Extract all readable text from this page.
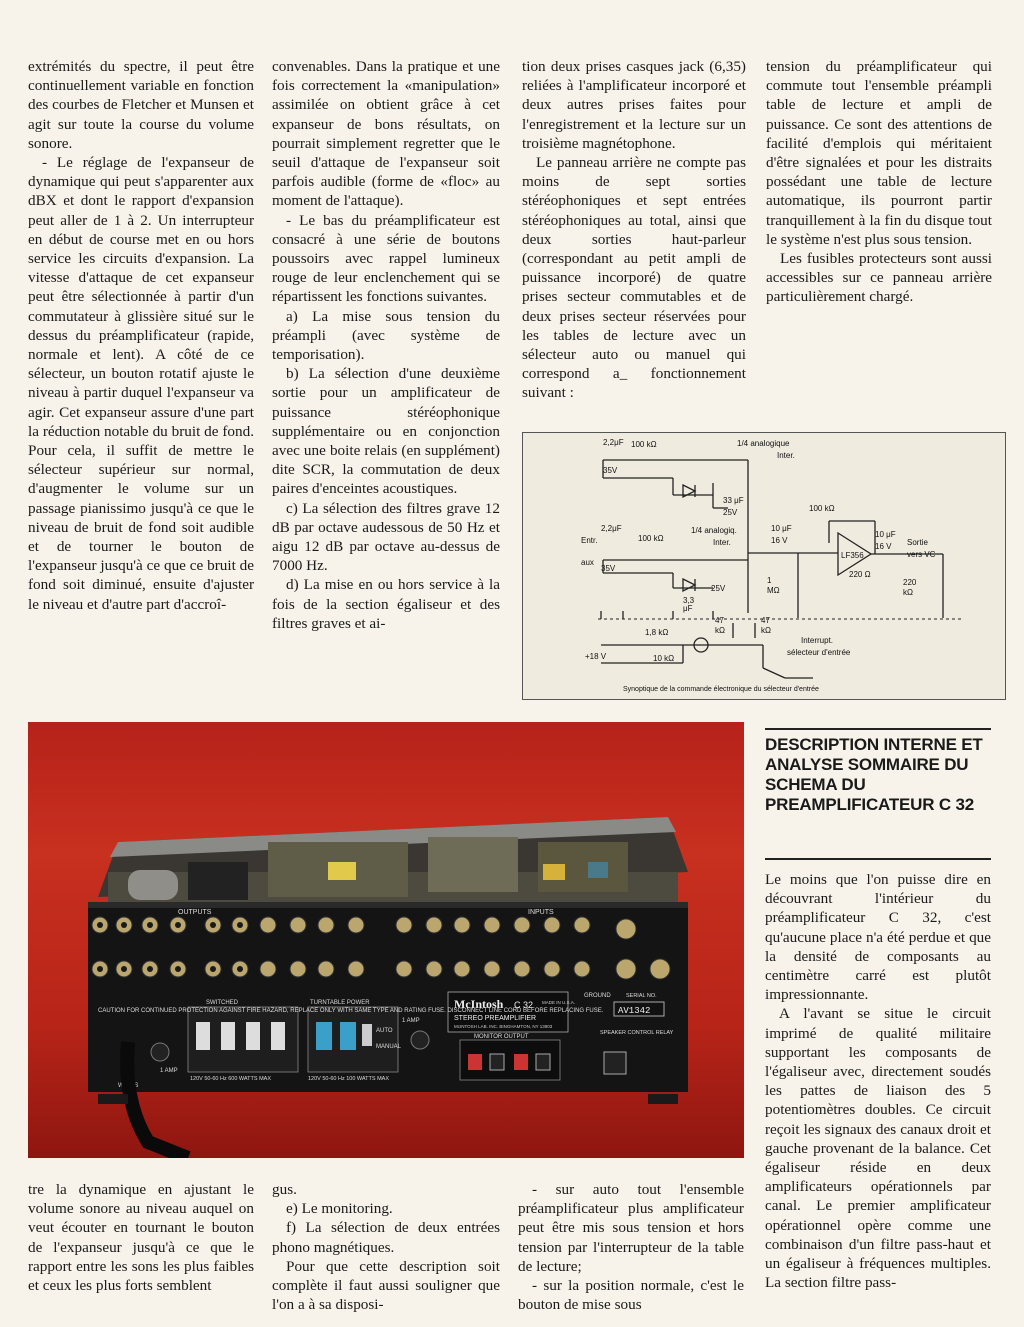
extrémités du spectre, il peut être continuellement variable en fonction des courbes de Fletcher et Munsen et agit sur toute la course du volume sonore.

- Le réglage de l'expanseur de dynamique qui peut s'apparenter aux dBX et dont le rapport d'expansion peut aller de 1 à 2. Un interrupteur en début de course met en ou hors service les circuits d'expansion. La vitesse d'attaque de cet expanseur peut être sélectionnée à partir d'un commutateur à glissière situé sur le dessus du préamplificateur (rapide, normale et lent). A côté de ce sélecteur, un bouton rotatif ajuste le niveau à partir duquel l'expanseur va agir. Cet expanseur assure d'une part la réduction notable du bruit de fond. Pour cela, il suffit de mettre le sélecteur supérieur sur normal, d'augmenter le volume sur un passage pianissimo jusqu'à ce que le niveau de bruit de fond soit audible et de tourner le bouton de l'expanseur jusqu'à ce que ce bruit de fond soit diminué, ensuite d'ajuster le niveau et d'autre part d'accroî-

convenables. Dans la pratique et une fois correctement la «manipulation» assimilée on obtient grâce à cet expanseur de bons résultats, on pourrait simplement regretter que le seuil d'attaque de l'expanseur soit parfois audible (forme de «floc» au moment de l'attaque).

- Le bas du préamplificateur est consacré à une série de boutons poussoirs avec rappel lumineux rouge de leur enclenchement qui se répartissent les fonctions suivantes.

a) La mise sous tension du préampli (avec système de temporisation).

b) La sélection d'une deuxième sortie pour un amplificateur de puissance stéréophonique supplémentaire ou en conjonction avec une boite relais (en supplément) dite SCR, la commutation de deux paires d'enceintes acoustiques.

c) La sélection des filtres grave 12 dB par octave audessous de 50 Hz et aigu 12 dB par octave au-dessus de 7000 Hz.

d) La mise en ou hors service à la fois de la section égaliseur et des filtres graves et ai-

tion deux prises casques jack (6,35) reliées à l'amplificateur incorporé et deux autres prises faites pour l'enregistrement et la lecture sur un troisième magnétophone.

Le panneau arrière ne compte pas moins de sept sorties stéréophoniques et sept entrées stéréophoniques au total, ainsi que deux sorties haut-parleur (correspondant au petit ampli de puissance incorporé) de quatre prises secteur commutables et de deux prises secteur réservées pour les tables de lecture avec un sélecteur auto ou manuel qui correspond a_ fonctionnement suivant :

tension du préamplificateur qui commute tout l'ensemble préampli table de lecture et ampli de puissance. Ce sont des attentions de facilité d'emplois qui méritaient d'être signalées et pour les distraits possédant une table de lecture automatique, ils pourront partir tranquillement à la fin du disque tout le système n'est plus sous tension.

Les fusibles protecteurs sont aussi accessibles sur ce panneau arrière particulièrement chargé.

2,2μF 100 kΩ
35V
33 μF
25V
1/4 analogique
Inter.
2,2μF
Entr.	100 kΩ
1/4 analogiq.
Inter.
aux
35V
3,3
μF
25V
10 μF
16 V
100 kΩ
LF356
1
MΩ
220 Ω
10 μF
16 V Sortie
vers VC
220
kΩ
1,8 kΩ
10 kΩ
+18 V
47
kΩ
47
kΩ
Interrupt.
sélecteur d'entrée
Synoptique de la commande électronique du sélecteur d'entrée
OUTPUTS	INPUTS
SWITCHED	TURNTABLE POWER
AUTO
MANUAL
1 AMP
120V 50-60 Hz 600 WATTS MAX	120V 50-60 Hz 100 WATTS MAX
McIntosh C 32 MADE IN U.S.A.
STEREO PREAMPLIFIER
McINTOSH LAB. INC. BINGHAMTON, NY 13903
MONITOR OUTPUT
GROUND	SERIAL NO.
AV1342
SPEAKER CONTROL RELAY
CAUTION FOR CONTINUED PROTECTION AGAINST FIRE HAZARD, REPLACE ONLY WITH SAME TYPE AND RATING FUSE. DISCONNECT LINE CORD BEFORE REPLACING FUSE.
WATTS
1 AMP
DESCRIPTION INTERNE ET ANALYSE SOMMAIRE DU SCHEMA DU PREAMPLIFICATEUR C 32

Le moins que l'on puisse dire en découvrant l'intérieur du préamplificateur C 32, c'est qu'aucune place n'a été perdue et que la densité de composants au centimètre carré est plutôt impressionnante.

A l'avant se situe le circuit imprimé de qualité militaire supportant les composants de l'égaliseur avec, directement soudés les pattes de liaison des 5 potentiomètres doubles. Ce circuit reçoit les signaux des canaux droit et gauche provenant de la balance. Cet égaliseur réside en deux amplificateurs opérationnels par canal. Le premier amplificateur opérationnel opère comme une combinaison d'un filtre pass-haut et un égaliseur à fréquences multiples. La section filtre pass-

tre la dynamique en ajustant le volume sonore au niveau auquel on veut écouter en tournant le bouton de l'expanseur jusqu'à ce que le rapport entre les sons les plus faibles et ceux les plus forts semblent

gus.

e) Le monitoring.

f) La sélection de deux entrées phono magnétiques.

Pour que cette description soit complète il faut aussi souligner que l'on a à sa disposi-

- sur auto tout l'ensemble préamplificateur plus amplificateur peut être mis sous tension et hors tension par l'interrupteur de la table de lecture;

- sur la position normale, c'est le bouton de mise sous
